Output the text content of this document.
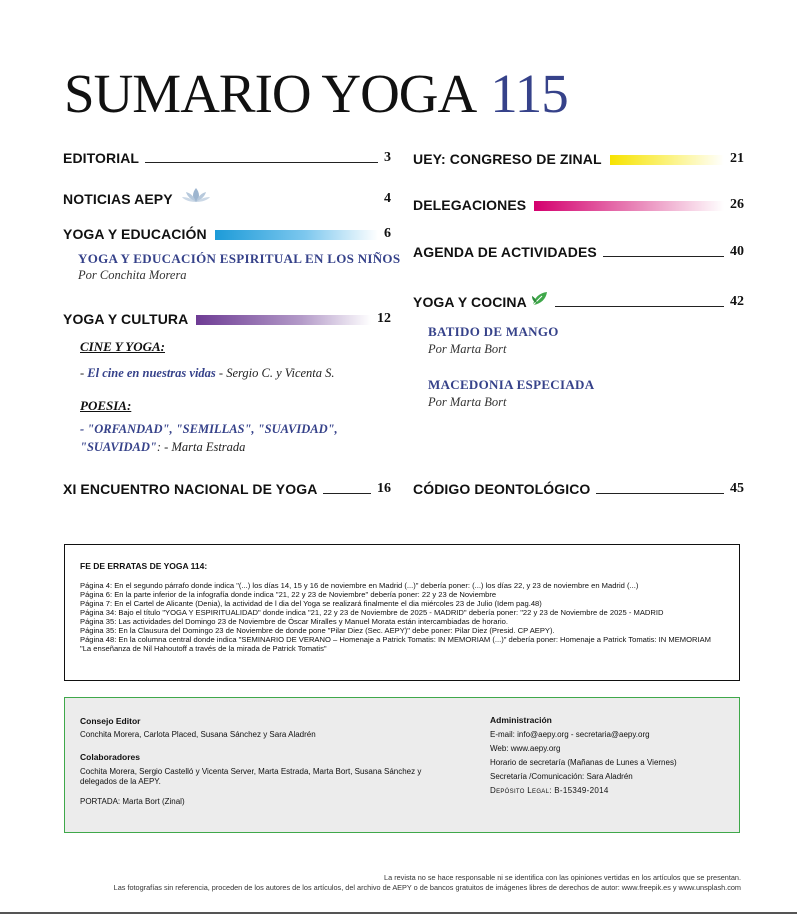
SUMARIO YOGA 115
EDITORIAL	3
NOTICIAS AEPY	4
YOGA Y EDUCACIÓN	6
YOGA Y EDUCACIÓN ESPIRITUAL EN LOS NIÑOS
Por Conchita Morera
YOGA Y CULTURA	12
CINE Y YOGA:
- El cine en nuestras vidas - Sergio C. y Vicenta S.
POESIA:
- "ORFANDAD", "SEMILLAS", "SUAVIDAD",
"SUAVIDAD": - Marta Estrada
XI ENCUENTRO NACIONAL DE YOGA	16
UEY: CONGRESO DE ZINAL	21
DELEGACIONES	26
AGENDA DE ACTIVIDADES	40
YOGA Y COCINA	42
BATIDO DE MANGO
Por Marta Bort
MACEDONIA ESPECIADA
Por Marta Bort
CÓDIGO DEONTOLÓGICO	45
FE DE ERRATAS DE YOGA 114:
Página 4: En el segundo párrafo donde indica "(...) los días 14, 15 y 16 de noviembre en Madrid (...)" debería poner: (...) los días 22, y 23 de noviembre en Madrid (...)
Página 6: En la parte inferior de la infografía donde indica "21, 22 y 23 de Noviembre" debería poner: 22 y 23 de Noviembre
Página 7: En el Cartel de Alicante (Denia), la actividad de l dia del Yoga se realizará finalmente el dia miércoles 23 de Julio (Idem pag.48)
Página 34: Bajo el título "YOGA Y ESPIRITUALIDAD" donde indica "21, 22 y 23 de Noviembre de 2025 - MADRID" debería poner: "22 y 23 de Noviembre de 2025 - MADRID
Página 35: Las actividades del Domingo 23 de Noviembre de Óscar Miralles y Manuel Morata están intercambiadas de horario.
Página 35: En la Clausura del Domingo 23 de Noviembre de donde pone "Pilar Diez (Sec. AEPY)" debe poner: Pilar Diez (Presid. CP AEPY).
Página 48: En la columna central donde indica "SEMINARIO DE VERANO – Homenaje a Patrick Tomatis: IN MEMORIAM (...)" debería poner: Homenaje a Patrick Tomatis: IN MEMORIAM
"La enseñanza de Nil Hahoutoff a través de la mirada de Patrick Tomatis"
Consejo Editor
Conchita Morera, Carlota Placed, Susana Sánchez y Sara Aladrén
Colaboradores
Cochita Morera, Sergio Castelló y Vicenta Server, Marta Estrada, Marta Bort, Susana Sánchez y
delegados de la AEPY.
PORTADA: Marta Bort (Zinal)
Administración
E-mail: info@aepy.org - secretaria@aepy.org
Web: www.aepy.org
Horario de secretaría (Mañanas de Lunes a Viernes)
Secretaría /Comunicación: Sara Aladrén
Depósito Legal: B-15349-2014
La revista no se hace responsable ni se identifica con las opiniones vertidas en los artículos que se presentan.
Las fotografías sin referencia, proceden de los autores de los artículos, del archivo de AEPY o de bancos gratuitos de imágenes libres de derechos de autor: www.freepik.es y www.unsplash.com
